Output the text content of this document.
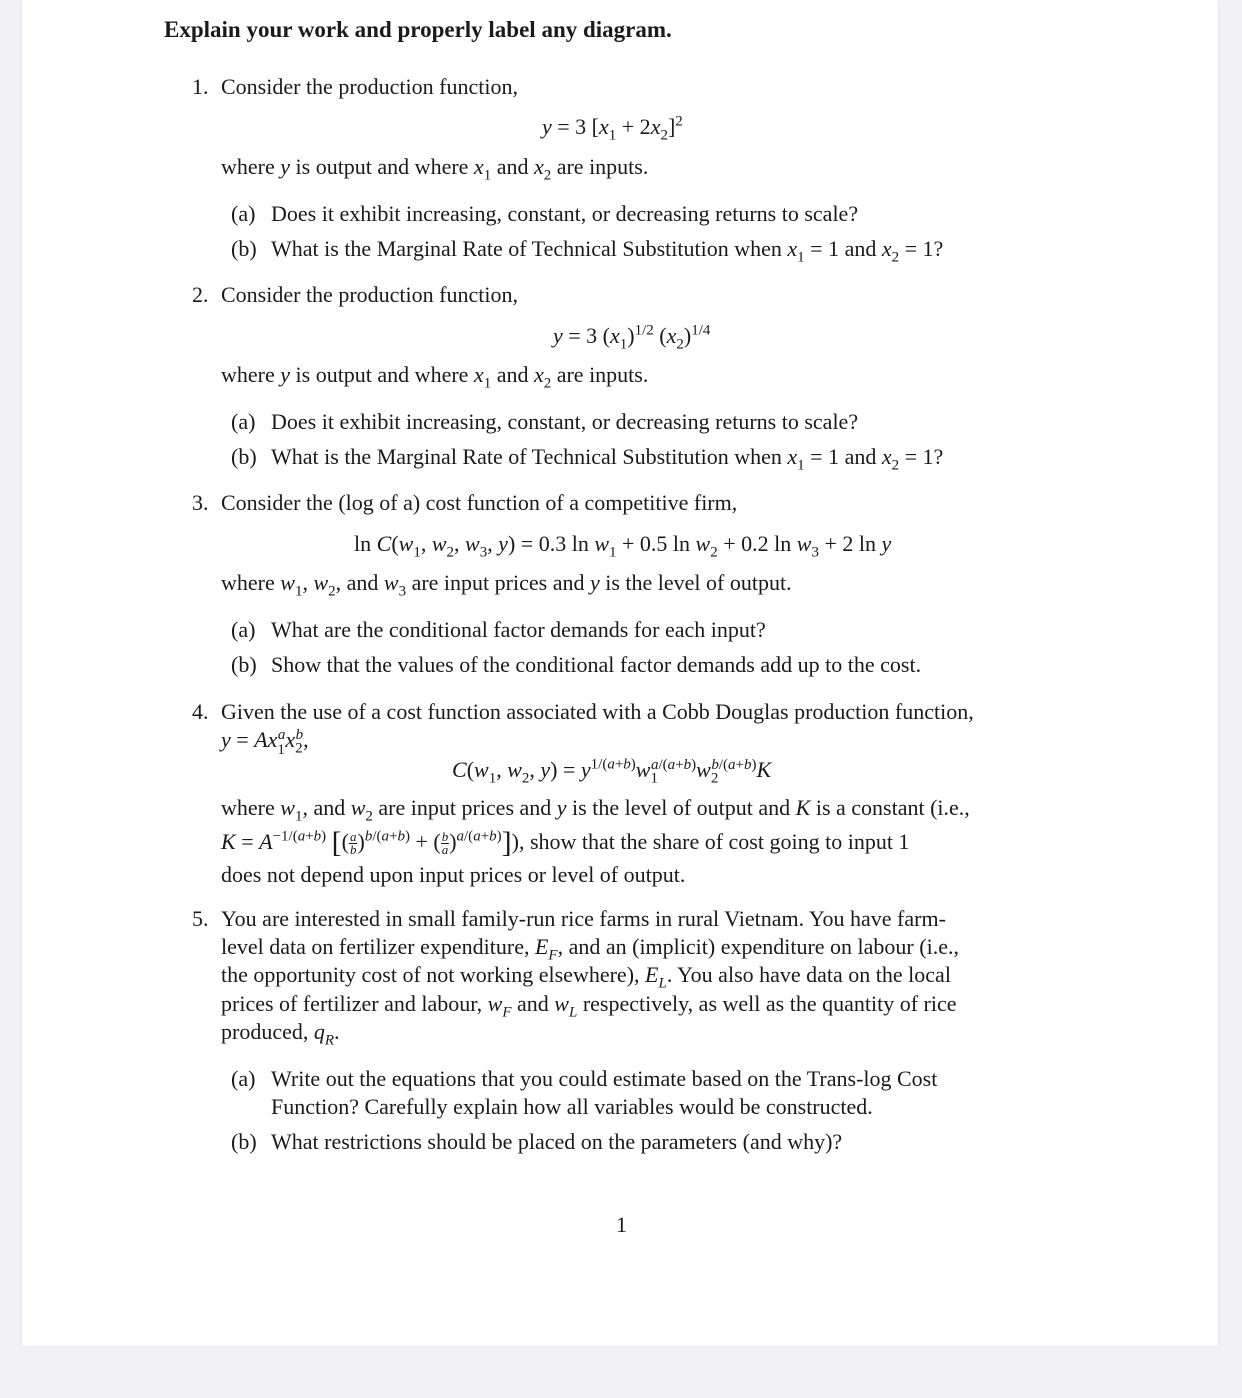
Explain your work and properly label any diagram.
1. Consider the production function,
y = 3 $[x_1 + 2x_2]^2$
where y is output and where $x_1$ and $x_2$ are inputs.
(a) Does it exhibit increasing, constant, or decreasing returns to scale?
(b) What is the Marginal Rate of Technical Substitution when $x_1 = 1$ and $x_2 = 1$?
2. Consider the production function,
y = 3 $(x_1)^{1/2}$ $(x_2)^{1/4}$
where y is output and where $x_1$ and $x_2$ are inputs.
(a) Does it exhibit increasing, constant, or decreasing returns to scale?
(b) What is the Marginal Rate of Technical Substitution when $x_1 = 1$ and $x_2 = 1$?
3. Consider the (log of a) cost function of a competitive firm,
$\ln C(w_1$, $w_2$, $w_3$, y) = 0.3 $\ln w_1 + 0.5$ $\ln w_2 + 0.2$ $\ln w_3 + 2$ ln y
where $w_1$, $w_2$, and $w_3$ are input prices and y is the level of output.
(a) What are the conditional factor demands for each input?
(b) Show that the values of the conditional factor demands add up to the cost.
4. Given the use of a cost function associated with a Cobb Douglas production function,
$y = Ax_1^ax_2^b$,
$C(w_1$, $w_2$, $y) = y^{1/(a+b)}w_1^{a/(a+b)}w_2^{b/(a+b)}K$
where $w_1$, and $w_2$ are input prices and y is the level of output and K is a constant (i.e.,
$K = A^{-1/(a+b)}$ [( $\frac{a}{b} )^{b/(a+b)}$ + ( $\frac{b}{a} )^{a/(a+b)}$]), show that the share of cost going to input 1
does not depend upon input prices or level of output.
5. You are interested in small family-run rice farms in rural Vietnam. You have farm-
level data on fertilizer expenditure, $E_F$, and an (implicit) expenditure on labour (i.e.,
the opportunity cost of not working elsewhere), $E_L$. You also have data on the local
prices of fertilizer and labour, $w_F$ and $w_L$ respectively, as well as the quantity of rice
produced, $q_R$.
(a) Write out the equations that you could estimate based on the Trans-log Cost
Function? Carefully explain how all variables would be constructed.
(b) What restrictions should be placed on the parameters (and why)?
1
